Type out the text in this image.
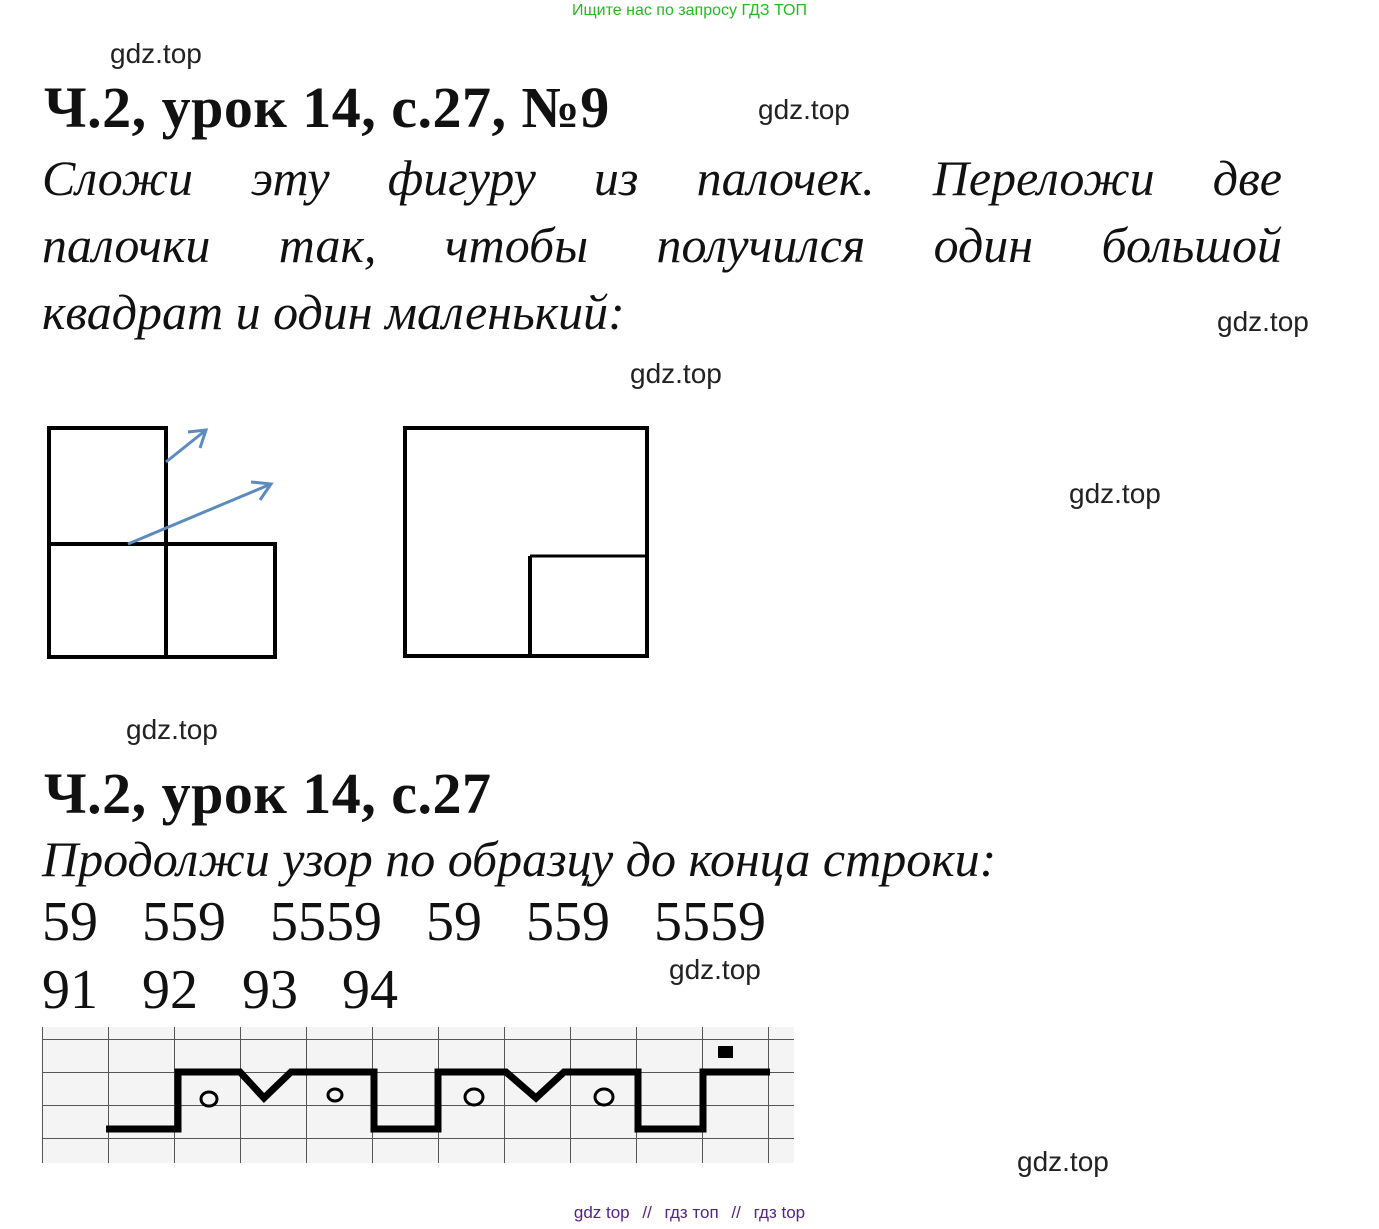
Ищите нас по запросу ГДЗ ТОП
gdz.top
gdz.top
gdz.top
gdz.top
gdz.top
gdz.top
gdz.top
gdz.top
Ч.2, урок 14, с.27, №9
Сложи эту фигуру из палочек. Переложи две
палочки так, чтобы получился один большой
квадрат и один маленький:
Ч.2, урок 14, с.27
Продолжи узор по образцу до конца строки:
59 559 5559 59 559 5559
91 92 93 94
gdz top // гдз топ // гдз top
